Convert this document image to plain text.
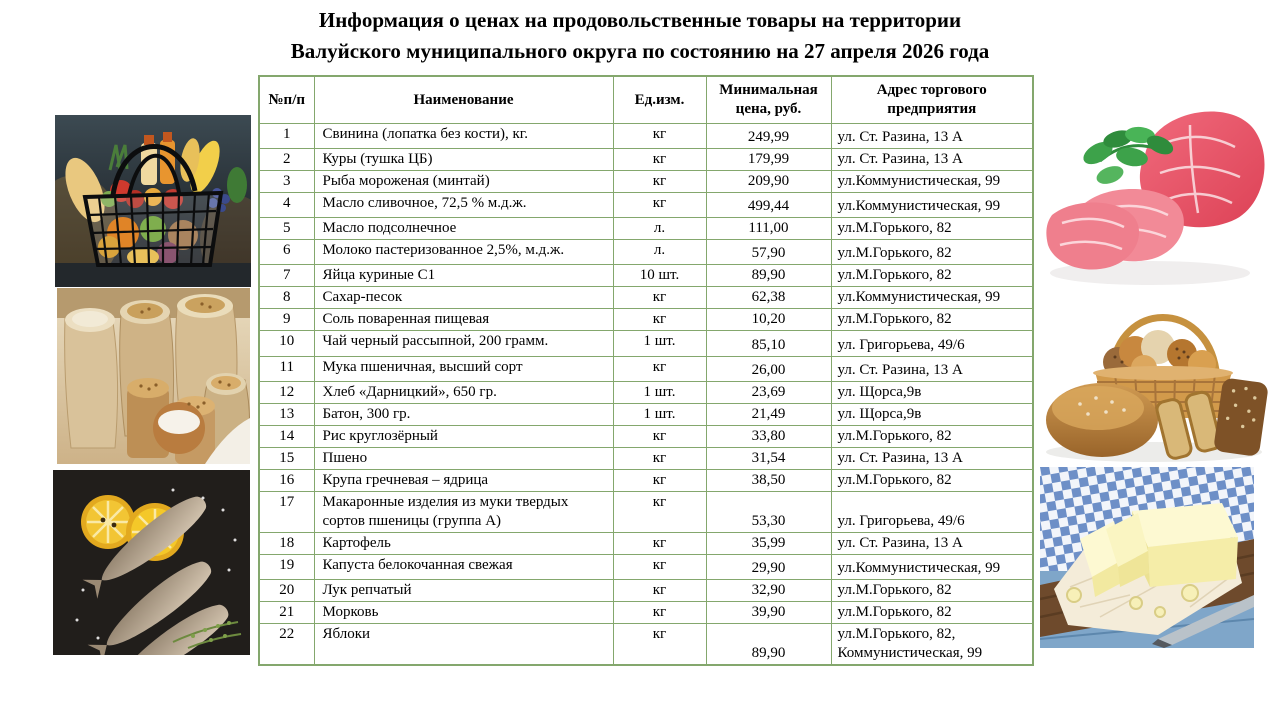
Информация о ценах на продовольственные товары на территории
Валуйского муниципального округа по состоянию на 27 апреля 2026 года
№п/п	Наименование	Ед.изм.	Минимальная цена, руб.	Адрес торгового предприятия
1	Свинина (лопатка без кости), кг.	кг	249,99	ул. Ст. Разина, 13 А
2	Куры (тушка ЦБ)	кг	179,99	ул. Ст. Разина, 13 А
3	Рыба мороженая (минтай)	кг	209,90	ул.Коммунистическая, 99
4	Масло сливочное, 72,5 % м.д.ж.	кг	499,44	ул.Коммунистическая, 99
5	Масло подсолнечное	л.	111,00	ул.М.Горького, 82
6	Молоко пастеризованное 2,5%, м.д.ж.	л.	57,90	ул.М.Горького, 82
7	Яйца куриные С1	10 шт.	89,90	ул.М.Горького, 82
8	Сахар-песок	кг	62,38	ул.Коммунистическая, 99
9	Соль поваренная пищевая	кг	10,20	ул.М.Горького, 82
10	Чай черный рассыпной, 200 грамм.	1 шт.	85,10	ул. Григорьева, 49/6
11	Мука пшеничная, высший сорт	кг	26,00	ул. Ст. Разина, 13 А
12	Хлеб «Дарницкий», 650 гр.	1 шт.	23,69	ул. Щорса,9в
13	Батон, 300 гр.	1 шт.	21,49	ул. Щорса,9в
14	Рис круглозёрный	кг	33,80	ул.М.Горького, 82
15	Пшено	кг	31,54	ул. Ст. Разина, 13 А
16	Крупа гречневая – ядрица	кг	38,50	ул.М.Горького, 82
17	Макаронные изделия из муки твердых сортов пшеницы (группа А)	кг	53,30	ул. Григорьева, 49/6
18	Картофель	кг	35,99	ул. Ст. Разина, 13 А
19	Капуста белокочанная свежая	кг	29,90	ул.Коммунистическая, 99
20	Лук репчатый	кг	32,90	ул.М.Горького, 82
21	Морковь	кг	39,90	ул.М.Горького, 82
22	Яблоки	кг	89,90	ул.М.Горького, 82, Коммунистическая, 99
